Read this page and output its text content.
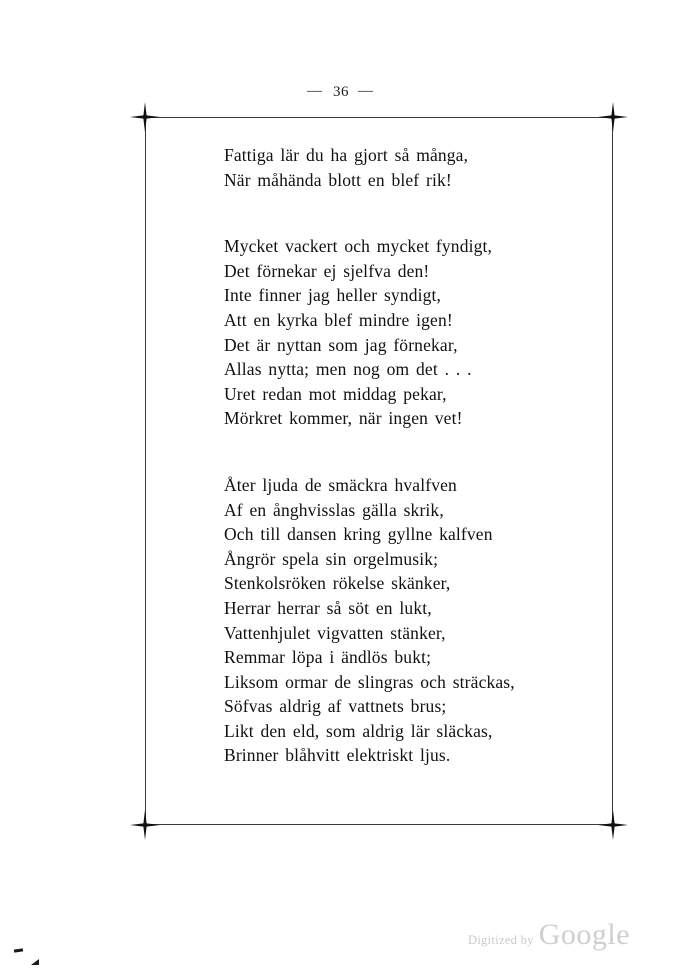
— 36 —
Fattiga lär du ha gjort så många,
När måhända blott en blef rik!
Mycket vackert och mycket fyndigt,
Det förnekar ej sjelfva den!
Inte finner jag heller syndigt,
Att en kyrka blef mindre igen!
Det är nyttan som jag förnekar,
Allas nytta; men nog om det . . .
Uret redan mot middag pekar,
Mörkret kommer, när ingen vet!
Åter ljuda de smäckra hvalfven
Af en ånghvisslas gälla skrik,
Och till dansen kring gyllne kalfven
Ångrör spela sin orgelmusik;
Stenkolsröken rökelse skänker,
Herrar herrar så söt en lukt,
Vattenhjulet vigvatten stänker,
Remmar löpa i ändlös bukt;
Liksom ormar de slingras och sträckas,
Söfvas aldrig af vattnets brus;
Likt den eld, som aldrig lär släckas,
Brinner blåhvitt elektriskt ljus.
Digitized by Google
